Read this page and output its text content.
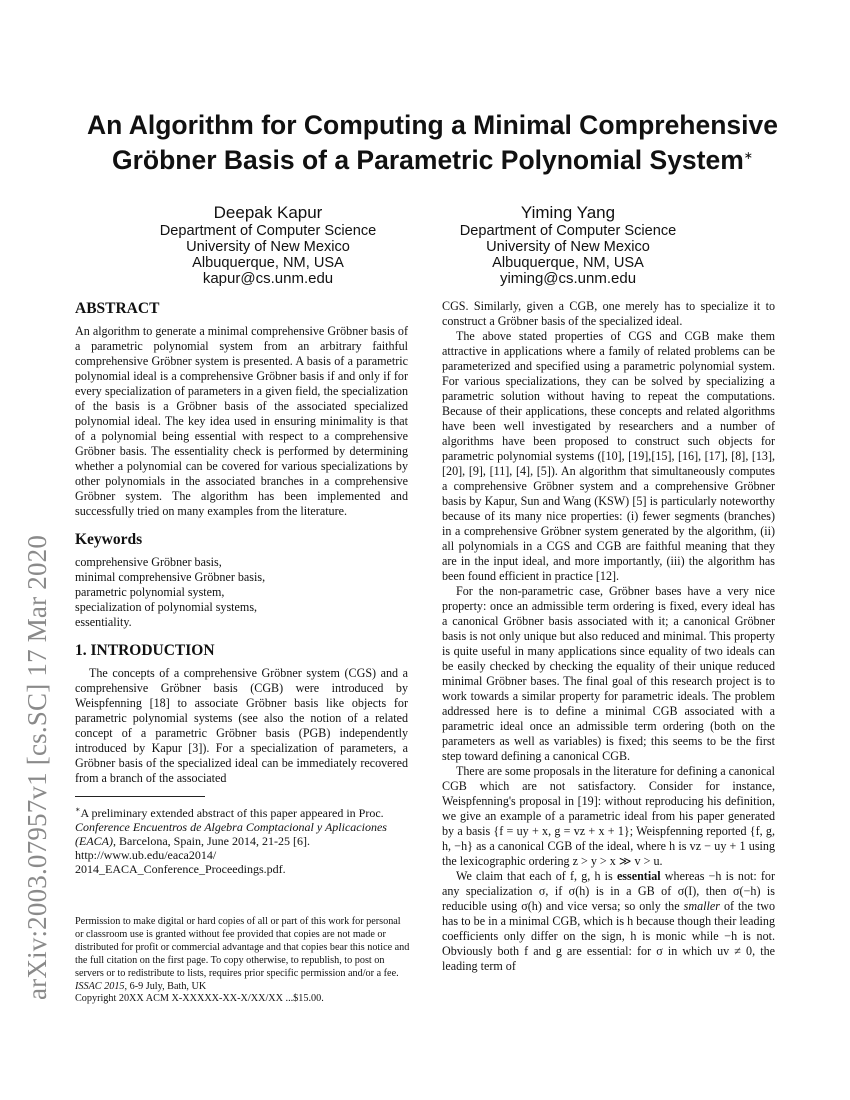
arXiv:2003.07957v1 [cs.SC] 17 Mar 2020
An Algorithm for Computing a Minimal Comprehensive
Gröbner Basis of a Parametric Polynomial System∗
Deepak Kapur
Department of Computer Science
University of New Mexico
Albuquerque, NM, USA
kapur@cs.unm.edu
Yiming Yang
Department of Computer Science
University of New Mexico
Albuquerque, NM, USA
yiming@cs.unm.edu
ABSTRACT

An algorithm to generate a minimal comprehensive Gröbner basis of a parametric polynomial system from an arbitrary faithful comprehensive Gröbner system is presented. A basis of a parametric polynomial ideal is a comprehensive Gröbner basis if and only if for every specialization of parameters in a given field, the specialization of the basis is a Gröbner basis of the associated specialized polynomial ideal. The key idea used in ensuring minimality is that of a polynomial being essential with respect to a comprehensive Gröbner basis. The essentiality check is performed by determining whether a polynomial can be covered for various specializations by other polynomials in the associated branches in a comprehensive Gröbner system. The algorithm has been implemented and successfully tried on many examples from the literature.

Keywords
comprehensive Gröbner basis,
minimal comprehensive Gröbner basis,
parametric polynomial system,
specialization of polynomial systems,
essentiality.
1. INTRODUCTION

The concepts of a comprehensive Gröbner system (CGS) and a comprehensive Gröbner basis (CGB) were introduced by Weispfenning [18] to associate Gröbner basis like objects for parametric polynomial systems (see also the notion of a related concept of a parametric Gröbner basis (PGB) independently introduced by Kapur [3]). For a specialization of parameters, a Gröbner basis of the specialized ideal can be immediately recovered from a branch of the associated

∗A preliminary extended abstract of this paper appeared in Proc. Conference Encuentros de Algebra Comptacional y Aplicaciones (EACA), Barcelona, Spain, June 2014, 21-25 [6]. http://www.ub.edu/eaca2014/
2014_EACA_Conference_Proceedings.pdf.
Permission to make digital or hard copies of all or part of this work for personal or classroom use is granted without fee provided that copies are not made or distributed for profit or commercial advantage and that copies bear this notice and the full citation on the first page. To copy otherwise, to republish, to post on servers or to redistribute to lists, requires prior specific permission and/or a fee.
ISSAC 2015, 6-9 July, Bath, UK
Copyright 20XX ACM X-XXXXX-XX-X/XX/XX ...$15.00.

CGS. Similarly, given a CGB, one merely has to specialize it to construct a Gröbner basis of the specialized ideal.

The above stated properties of CGS and CGB make them attractive in applications where a family of related problems can be parameterized and specified using a parametric polynomial system. For various specializations, they can be solved by specializing a parametric solution without having to repeat the computations. Because of their applications, these concepts and related algorithms have been well investigated by researchers and a number of algorithms have been proposed to construct such objects for parametric polynomial systems ([10], [19],[15], [16], [17], [8], [13], [20], [9], [11], [4], [5]). An algorithm that simultaneously computes a comprehensive Gröbner system and a comprehensive Gröbner basis by Kapur, Sun and Wang (KSW) [5] is particularly noteworthy because of its many nice properties: (i) fewer segments (branches) in a comprehensive Gröbner system generated by the algorithm, (ii) all polynomials in a CGS and CGB are faithful meaning that they are in the input ideal, and more importantly, (iii) the algorithm has been found efficient in practice [12].

For the non-parametric case, Gröbner bases have a very nice property: once an admissible term ordering is fixed, every ideal has a canonical Gröbner basis associated with it; a canonical Gröbner basis is not only unique but also reduced and minimal. This property is quite useful in many applications since equality of two ideals can be easily checked by checking the equality of their unique reduced minimal Gröbner bases. The final goal of this research project is to work towards a similar property for parametric ideals. The problem addressed here is to define a minimal CGB associated with a parametric ideal once an admissible term ordering (both on the parameters as well as variables) is fixed; this seems to be the first step toward defining a canonical CGB.

There are some proposals in the literature for defining a canonical CGB which are not satisfactory. Consider for instance, Weispfenning's proposal in [19]: without reproducing his definition, we give an example of a parametric ideal from his paper generated by a basis {f = uy + x, g = vz + x + 1}; Weispfenning reported {f, g, h, −h} as a canonical CGB of the ideal, where h is vz − uy + 1 using the lexicographic ordering z > y > x ≫ v > u.

We claim that each of f, g, h is essential whereas −h is not: for any specialization σ, if σ(h) is in a GB of σ(I), then σ(−h) is reducible using σ(h) and vice versa; so only the smaller of the two has to be in a minimal CGB, which is h because though their leading coefficients only differ on the sign, h is monic while −h is not. Obviously both f and g are essential: for σ in which uv ≠ 0, the leading term of
